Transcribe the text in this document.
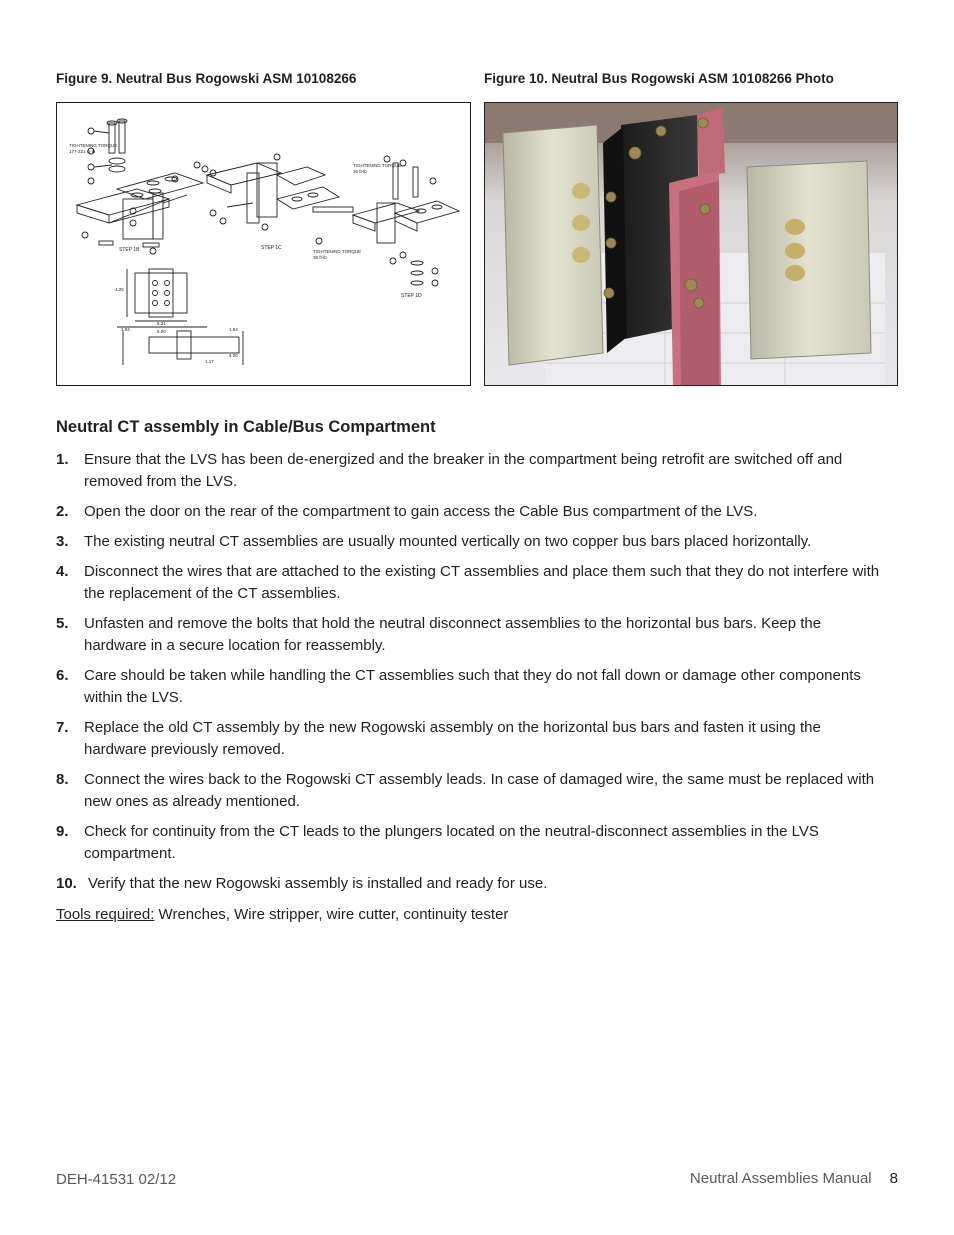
Figure 9. Neutral Bus Rogowski ASM 10108266	Figure 10. Neutral Bus Rogowski ASM 10108266 Photo
STEP 1B	STEP 1C
TIGHTENING TORQUE
35 ft-lb
TIGHTENING TORQUE
177-221 in-lb
STEP 1D
TIGHTENING TORQUE
35 ft-lb
4.25
5.31
8.00
1.84	1.84
4.00
1.17
Neutral CT assembly in Cable/Bus Compartment
1. Ensure that the LVS has been de-energized and the breaker in the compartment being retrofit are switched off and removed from the LVS.
2. Open the door on the rear of the compartment to gain access the Cable Bus compartment of the LVS.
3. The existing neutral CT assemblies are usually mounted vertically on two copper bus bars placed horizontally.
4. Disconnect the wires that are attached to the existing CT assemblies and place them such that they do not interfere with the replacement of the CT assemblies.
5. Unfasten and remove the bolts that hold the neutral disconnect assemblies to the horizontal bus bars. Keep the hardware in a secure location for reassembly.
6. Care should be taken while handling the CT assemblies such that they do not fall down or damage other components within the LVS.
7. Replace the old CT assembly by the new Rogowski assembly on the horizontal bus bars and fasten it using the hardware previously removed.
8. Connect the wires back to the Rogowski CT assembly leads. In case of damaged wire, the same must be replaced with new ones as already mentioned.
9. Check for continuity from the CT leads to the plungers located on the neutral-disconnect assemblies in the LVS compartment.
10. Verify that the new Rogowski assembly is installed and ready for use.
Tools required: Wrenches, Wire stripper, wire cutter, continuity tester
DEH-41531 02/12	Neutral Assemblies Manual 8
